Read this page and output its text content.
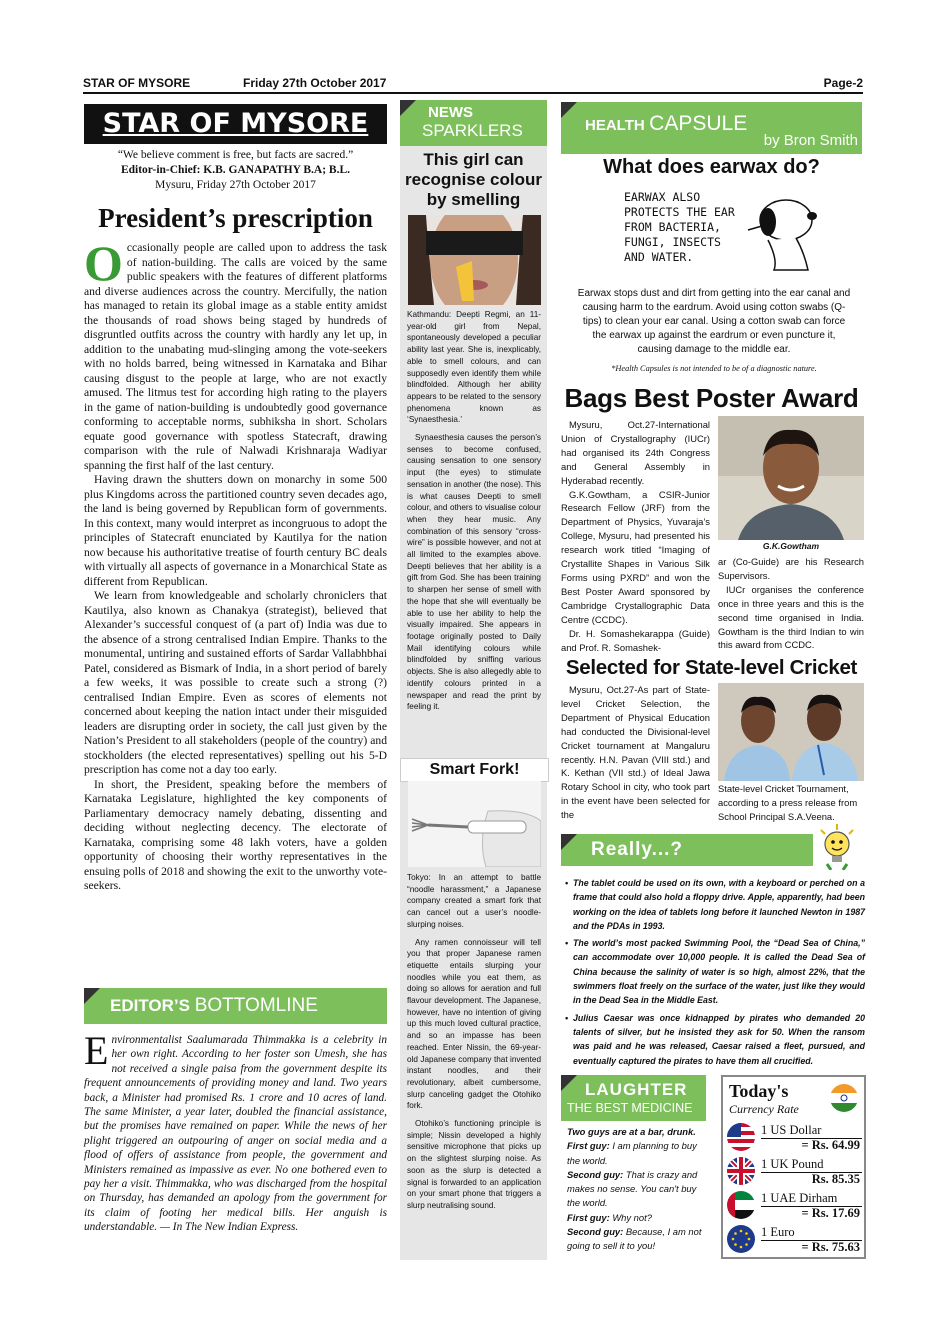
STAR OF MYSORE	Friday 27th October 2017	Page-2
STAR OF MYSORE
“We believe comment is free, but facts are sacred.”
Editor-in-Chief: K.B. GANAPATHY B.A; B.L.
Mysuru, Friday 27th October 2017
President’s prescription

Occasionally people are called upon to address the task of nation-building. The calls are voiced by the same public speakers with the features of different platforms and diverse audiences across the country. Mercifully, the nation has managed to retain its global image as a stable entity amidst the thousands of road shows being staged by hundreds of disgruntled outfits across the country with hardly any let up, in addition to the unabating mud-slinging among the vote-seekers with no holds barred, being witnessed in Karnataka and Bihar causing disgust to the people at large, who are not exactly amused. The litmus test for according high rating to the players in the game of nation-building is undoubtedly good governance conforming to acceptable norms, subhiksha in short. Scholars equate good governance with spotless Statecraft, drawing comparison with the rule of Nalwadi Krishnaraja Wadiyar spanning the first half of the last century.

Having drawn the shutters down on monarchy in some 500 plus Kingdoms across the partitioned country seven decades ago, the land is being governed by Republican form of governments. In this context, many would interpret as incongruous to adopt the principles of Statecraft enunciated by Kautilya for the nation now because his authoritative treatise of fourth century BC deals with virtually all aspects of governance in a Monarchical State as different from Republican.

We learn from knowledgeable and scholarly chroniclers that Kautilya, also known as Chanakya (strategist), believed that Alexander’s successful conquest of (a part of) India was due to the absence of a strong centralised Indian Empire. Thanks to the monumental, untiring and sustained efforts of Sardar Vallabhbhai Patel, considered as Bismark of India, in a short period of barely a few weeks, it was possible to create such a strong (?) centralised Indian Empire. Even as scores of elements not concerned about keeping the nation intact under their misguided leaders are disrupting order in society, the call just given by the Nation’s President to all stakeholders (people of the country) and stockholders (the elected representatives) spelling out his 5-D prescription has come not a day too early.

In short, the President, speaking before the members of Karnataka Legislature, highlighted the key components of Parliamentary democracy namely debating, dissenting and deciding without neglecting decency. The electorate of Karnataka, comprising some 48 lakh voters, have a golden opportunity of choosing their worthy representatives in the ensuing polls of 2018 and showing the exit to the unworthy vote-seekers.

EDITOR’S BOTTOMLINE
Environmentalist Saalumarada Thimmakka is a celebrity in her own right. According to her foster son Umesh, she has not received a single paisa from the government despite its frequent announcements of providing money and land. Two years back, a Minister had promised Rs. 1 crore and 10 acres of land. The same Minister, a year later, doubled the financial assistance, but the promises have remained on paper. While the news of her plight triggered an outpouring of anger on social media and a flood of offers of assistance from people, the government and Ministers remained as impassive as ever. No one bothered even to pay her a visit. Thimmakka, who was discharged from the hospital on Thursday, has demanded an apology from the government for its claim of footing her medical bills. Her anguish is understandable. — In The New Indian Express.
NEWS
SPARKLERS
This girl can recognise colour by smelling

Kathmandu: Deepti Regmi, an 11-year-old girl from Nepal, spontaneously developed a peculiar ability last year. She is, inexplicably, able to smell colours, and can supposedly even identify them while blindfolded. Although her ability appears to be related to the sensory phenomena known as ‘Synaesthesia.’

Synaesthesia causes the person’s senses to become confused, causing sensation to one sensory input (the eyes) to stimulate sensation in another (the nose). This is what causes Deepti to smell colour, and others to visualise colour when they hear music. Any combination of this sensory “cross-wire” is possible however, and not at all limited to the examples above. Deepti believes that her ability is a gift from God. She has been training to sharpen her sense of smell with the hope that she will eventually be able to use her ability to help the visually impaired. She appears in footage originally posted to Daily Mail identifying colours while blindfolded by sniffing various objects. She is also allegedly able to identify colours printed in a newspaper and read the print by feeling it.

Smart Fork!

Tokyo: In an attempt to battle “noodle harassment,” a Japanese company created a smart fork that can cancel out a user’s noodle-slurping noises.

Any ramen connoisseur will tell you that proper Japanese ramen etiquette entails slurping your noodles while you eat them, as doing so allows for aeration and full flavour development. The Japanese, however, have no intention of giving up this much loved cultural practice, and so an impasse has been reached. Enter Nissin, the 69-year-old Japanese company that invented instant noodles, and their revolutionary, albeit cumbersome, slurp canceling gadget the Otohiko fork.

Otohiko’s functioning principle is simple; Nissin developed a highly sensitive microphone that picks up on the slightest slurping noise. As soon as the slurp is detected a signal is forwarded to an application on your smart phone that triggers a slurp neutralising sound.

HEALTH CAPSULE
by Bron Smith
What does earwax do?
EARWAX ALSO PROTECTS THE EAR FROM BACTERIA, FUNGI, INSECTS AND WATER.
Earwax stops dust and dirt from getting into the ear canal and causing harm to the eardrum. Avoid using cotton swabs (Q-tips) to clean your ear canal. Using a cotton swab can force the earwax up against the eardrum or even puncture it, causing damage to the middle ear.
*Health Capsules is not intended to be of a diagnostic nature.
Bags Best Poster Award

Mysuru, Oct.27-International Union of Crystallography (IUCr) had organised its 24th Congress and General Assembly in Hyderabad recently.

G.K.Gowtham, a CSIR-Junior Research Fellow (JRF) from the Department of Physics, Yuvaraja’s College, Mysuru, had presented his research work titled “Imaging of Crystallite Shapes in Various Silk Forms using PXRD” and won the Best Poster Award sponsored by Cambridge Crystallographic Data Centre (CCDC).

Dr. H. Somashekarappa (Guide) and Prof. R. Somashek-

G.K.Gowtham

ar (Co-Guide) are his Research Supervisors.

IUCr organises the conference once in three years and this is the second time organised in India. Gowtham is the third Indian to win this award from CCDC.

Selected for State-level Cricket

Mysuru, Oct.27-As part of State-level Cricket Selection, the Department of Physical Education had conducted the Divisional-level Cricket tournament at Mangaluru recently. H.N. Pavan (VIII std.) and K. Kethan (VII std.) of Ideal Jawa Rotary School in city, who took part in the event have been selected for the

State-level Cricket Tournament, according to a press release from School Principal S.A.Veena.
Really...?
• The tablet could be used on its own, with a keyboard or perched on a frame that could also hold a floppy drive. Apple, apparently, had been working on the idea of tablets long before it launched Newton in 1987 and the PDAs in 1993.
• The world’s most packed Swimming Pool, the “Dead Sea of China,” can accommodate over 10,000 people. It is called the Dead Sea of China because the salinity of water is so high, almost 22%, that the swimmers float freely on the surface of the water, just like they would in the Dead Sea in the Middle East.
• Julius Caesar was once kidnapped by pirates who demanded 20 talents of silver, but he insisted they ask for 50. When the ransom was paid and he was released, Caesar raised a fleet, pursued, and eventually captured the pirates to have them all crucified.
LAUGHTER
THE BEST MEDICINE
Two guys are at a bar, drunk.
First guy: I am planning to buy the world.
Second guy: That is crazy and makes no sense. You can't buy the world.
First guy: Why not?
Second guy: Because, I am not going to sell it to you!
Today's
Currency Rate
1 US Dollar
= Rs. 64.99
1 UK Pound
Rs. 85.35
1 UAE Dirham
= Rs. 17.69
1 Euro
= Rs. 75.63
